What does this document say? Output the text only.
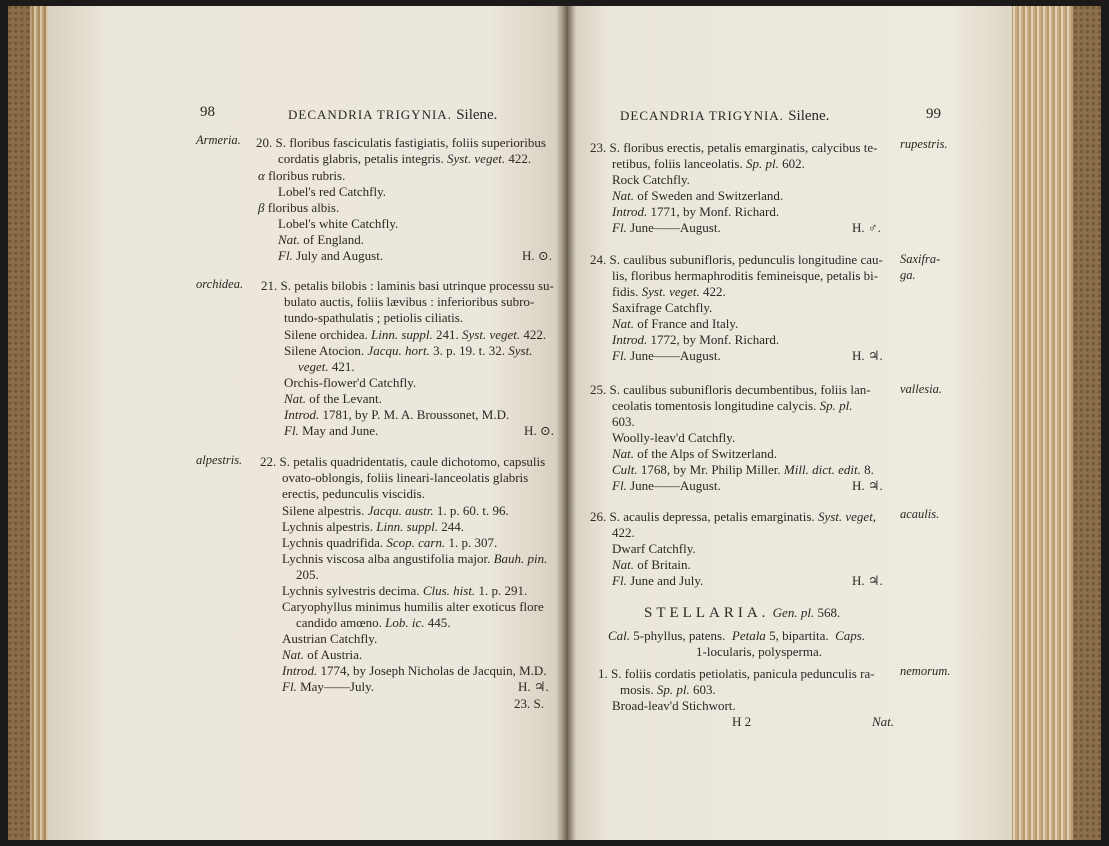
98	DECANDRIA TRIGYNIA. Silene.
Armeria. 20. S. floribus fasciculatis fastigiatis, foliis superioribus
cordatis glabris, petalis integris. Syst. veget. 422.
α floribus rubris.
Lobel's red Catchfly.
β floribus albis.
Lobel's white Catchfly.
Nat. of England.
Fl. July and August.	H. ⊙.
orchidea. 21. S. petalis bilobis : laminis basi utrinque processu su-
bulato auctis, foliis lævibus : inferioribus subro-
tundo-spathulatis ; petiolis ciliatis.
Silene orchidea. Linn. suppl. 241. Syst. veget. 422.
Silene Atocion. Jacqu. hort. 3. p. 19. t. 32. Syst.
veget. 421.
Orchis-flower'd Catchfly.
Nat. of the Levant.
Introd. 1781, by P. M. A. Broussonet, M.D.
Fl. May and June.	H. ⊙.
alpestris. 22. S. petalis quadridentatis, caule dichotomo, capsulis
ovato-oblongis, foliis lineari-lanceolatis glabris
erectis, pedunculis viscidis.
Silene alpestris. Jacqu. austr. 1. p. 60. t. 96.
Lychnis alpestris. Linn. suppl. 244.
Lychnis quadrifida. Scop. carn. 1. p. 307.
Lychnis viscosa alba angustifolia major. Bauh. pin.
205.
Lychnis sylvestris decima. Clus. hist. 1. p. 291.
Caryophyllus minimus humilis alter exoticus flore
candido amœno. Lob. ic. 445.
Austrian Catchfly.
Nat. of Austria.
Introd. 1774, by Joseph Nicholas de Jacquin, M.D.
Fl. May——July.	H. ♃.
23. S.
DECANDRIA TRIGYNIA. Silene.	99
23. S. floribus erectis, petalis emarginatis, calycibus te- rupestris.
retibus, foliis lanceolatis. Sp. pl. 602.
Rock Catchfly.
Nat. of Sweden and Switzerland.
Introd. 1771, by Monf. Richard.
Fl. June——August.	H. ♂.
24. S. caulibus subunifloris, pedunculis longitudine cau- Saxifra-
ga.
lis, floribus hermaphroditis femineisque, petalis bi-
fidis. Syst. veget. 422.
Saxifrage Catchfly.
Nat. of France and Italy.
Introd. 1772, by Monf. Richard.
Fl. June——August.	H. ♃.
25. S. caulibus subunifloris decumbentibus, foliis lan- vallesia.
ceolatis tomentosis longitudine calycis. Sp. pl.
603.
Woolly-leav'd Catchfly.
Nat. of the Alps of Switzerland.
Cult. 1768, by Mr. Philip Miller. Mill. dict. edit. 8.
Fl. June——August.	H. ♃.
26. S. acaulis depressa, petalis emarginatis. Syst. veget, acaulis.
422.
Dwarf Catchfly.
Nat. of Britain.
Fl. June and July.	H. ♃.
STELLARIA. Gen. pl. 568.
Cal. 5-phyllus, patens. Petala 5, bipartita. Caps.
1-locularis, polysperma.
1. S. foliis cordatis petiolatis, panicula pedunculis ra- nemorum.
mosis. Sp. pl. 603.
Broad-leav'd Stichwort.
H 2	Nat.
